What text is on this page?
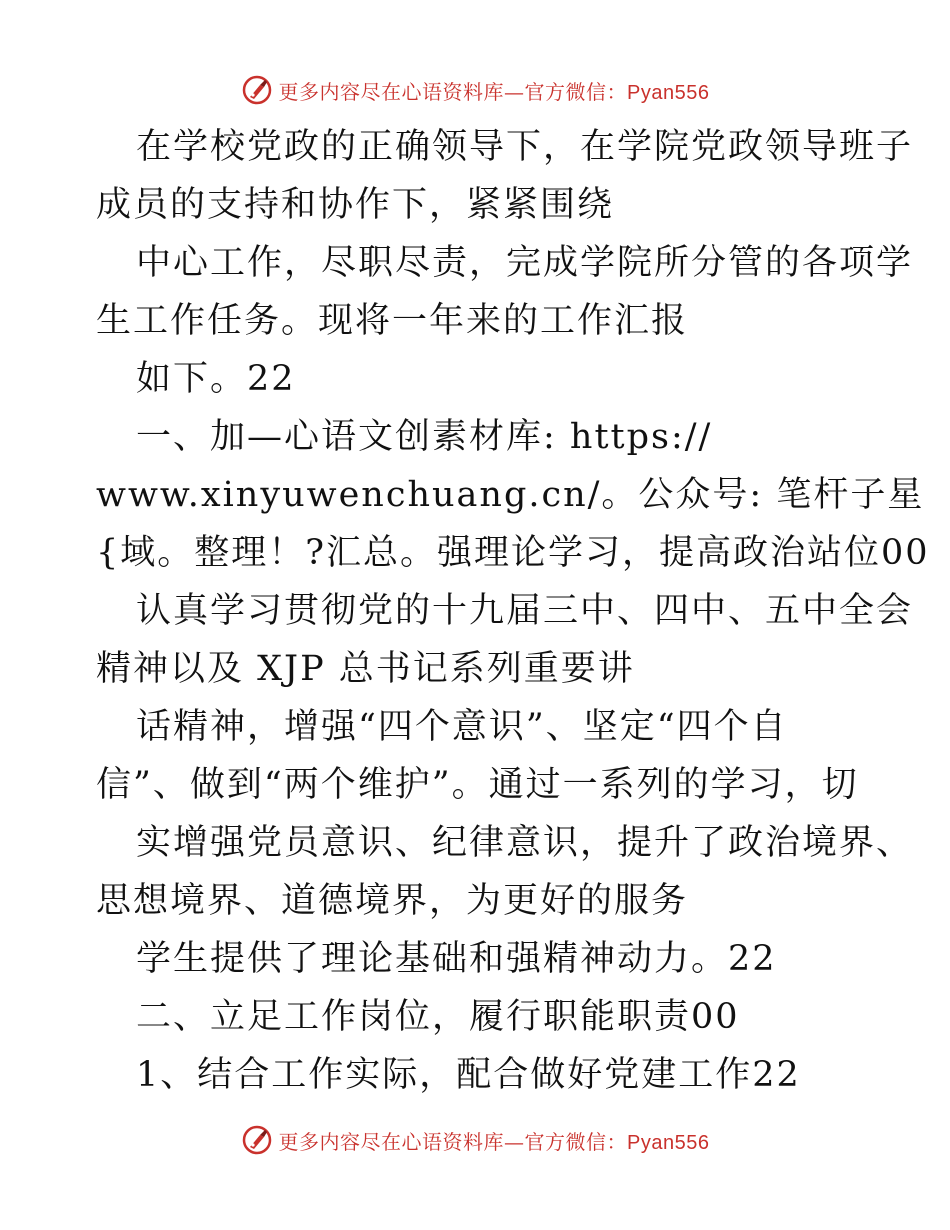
更多内容尽在心语资料库—官方微信：Pyan556
在学校党政的正确领导下，在学院党政领导班子
成员的支持和协作下，紧紧围绕
中心工作，尽职尽责，完成学院所分管的各项学
生工作任务。现将一年来的工作汇报
如下。22
一、加—心语文创素材库: https://
www.xinyuwenchuang.cn/。公众号: 笔杆子星
{域。整理！?汇总。强理论学习，提高政治站位00
认真学习贯彻党的十九届三中、四中、五中全会
精神以及 XJP 总书记系列重要讲
话精神，增强“四个意识”、坚定“四个自
信”、做到“两个维护”。通过一系列的学习，切
实增强党员意识、纪律意识，提升了政治境界、
思想境界、道德境界，为更好的服务
学生提供了理论基础和强精神动力。22
二、立足工作岗位，履行职能职责00
1、结合工作实际，配合做好党建工作22
更多内容尽在心语资料库—官方微信：Pyan556
